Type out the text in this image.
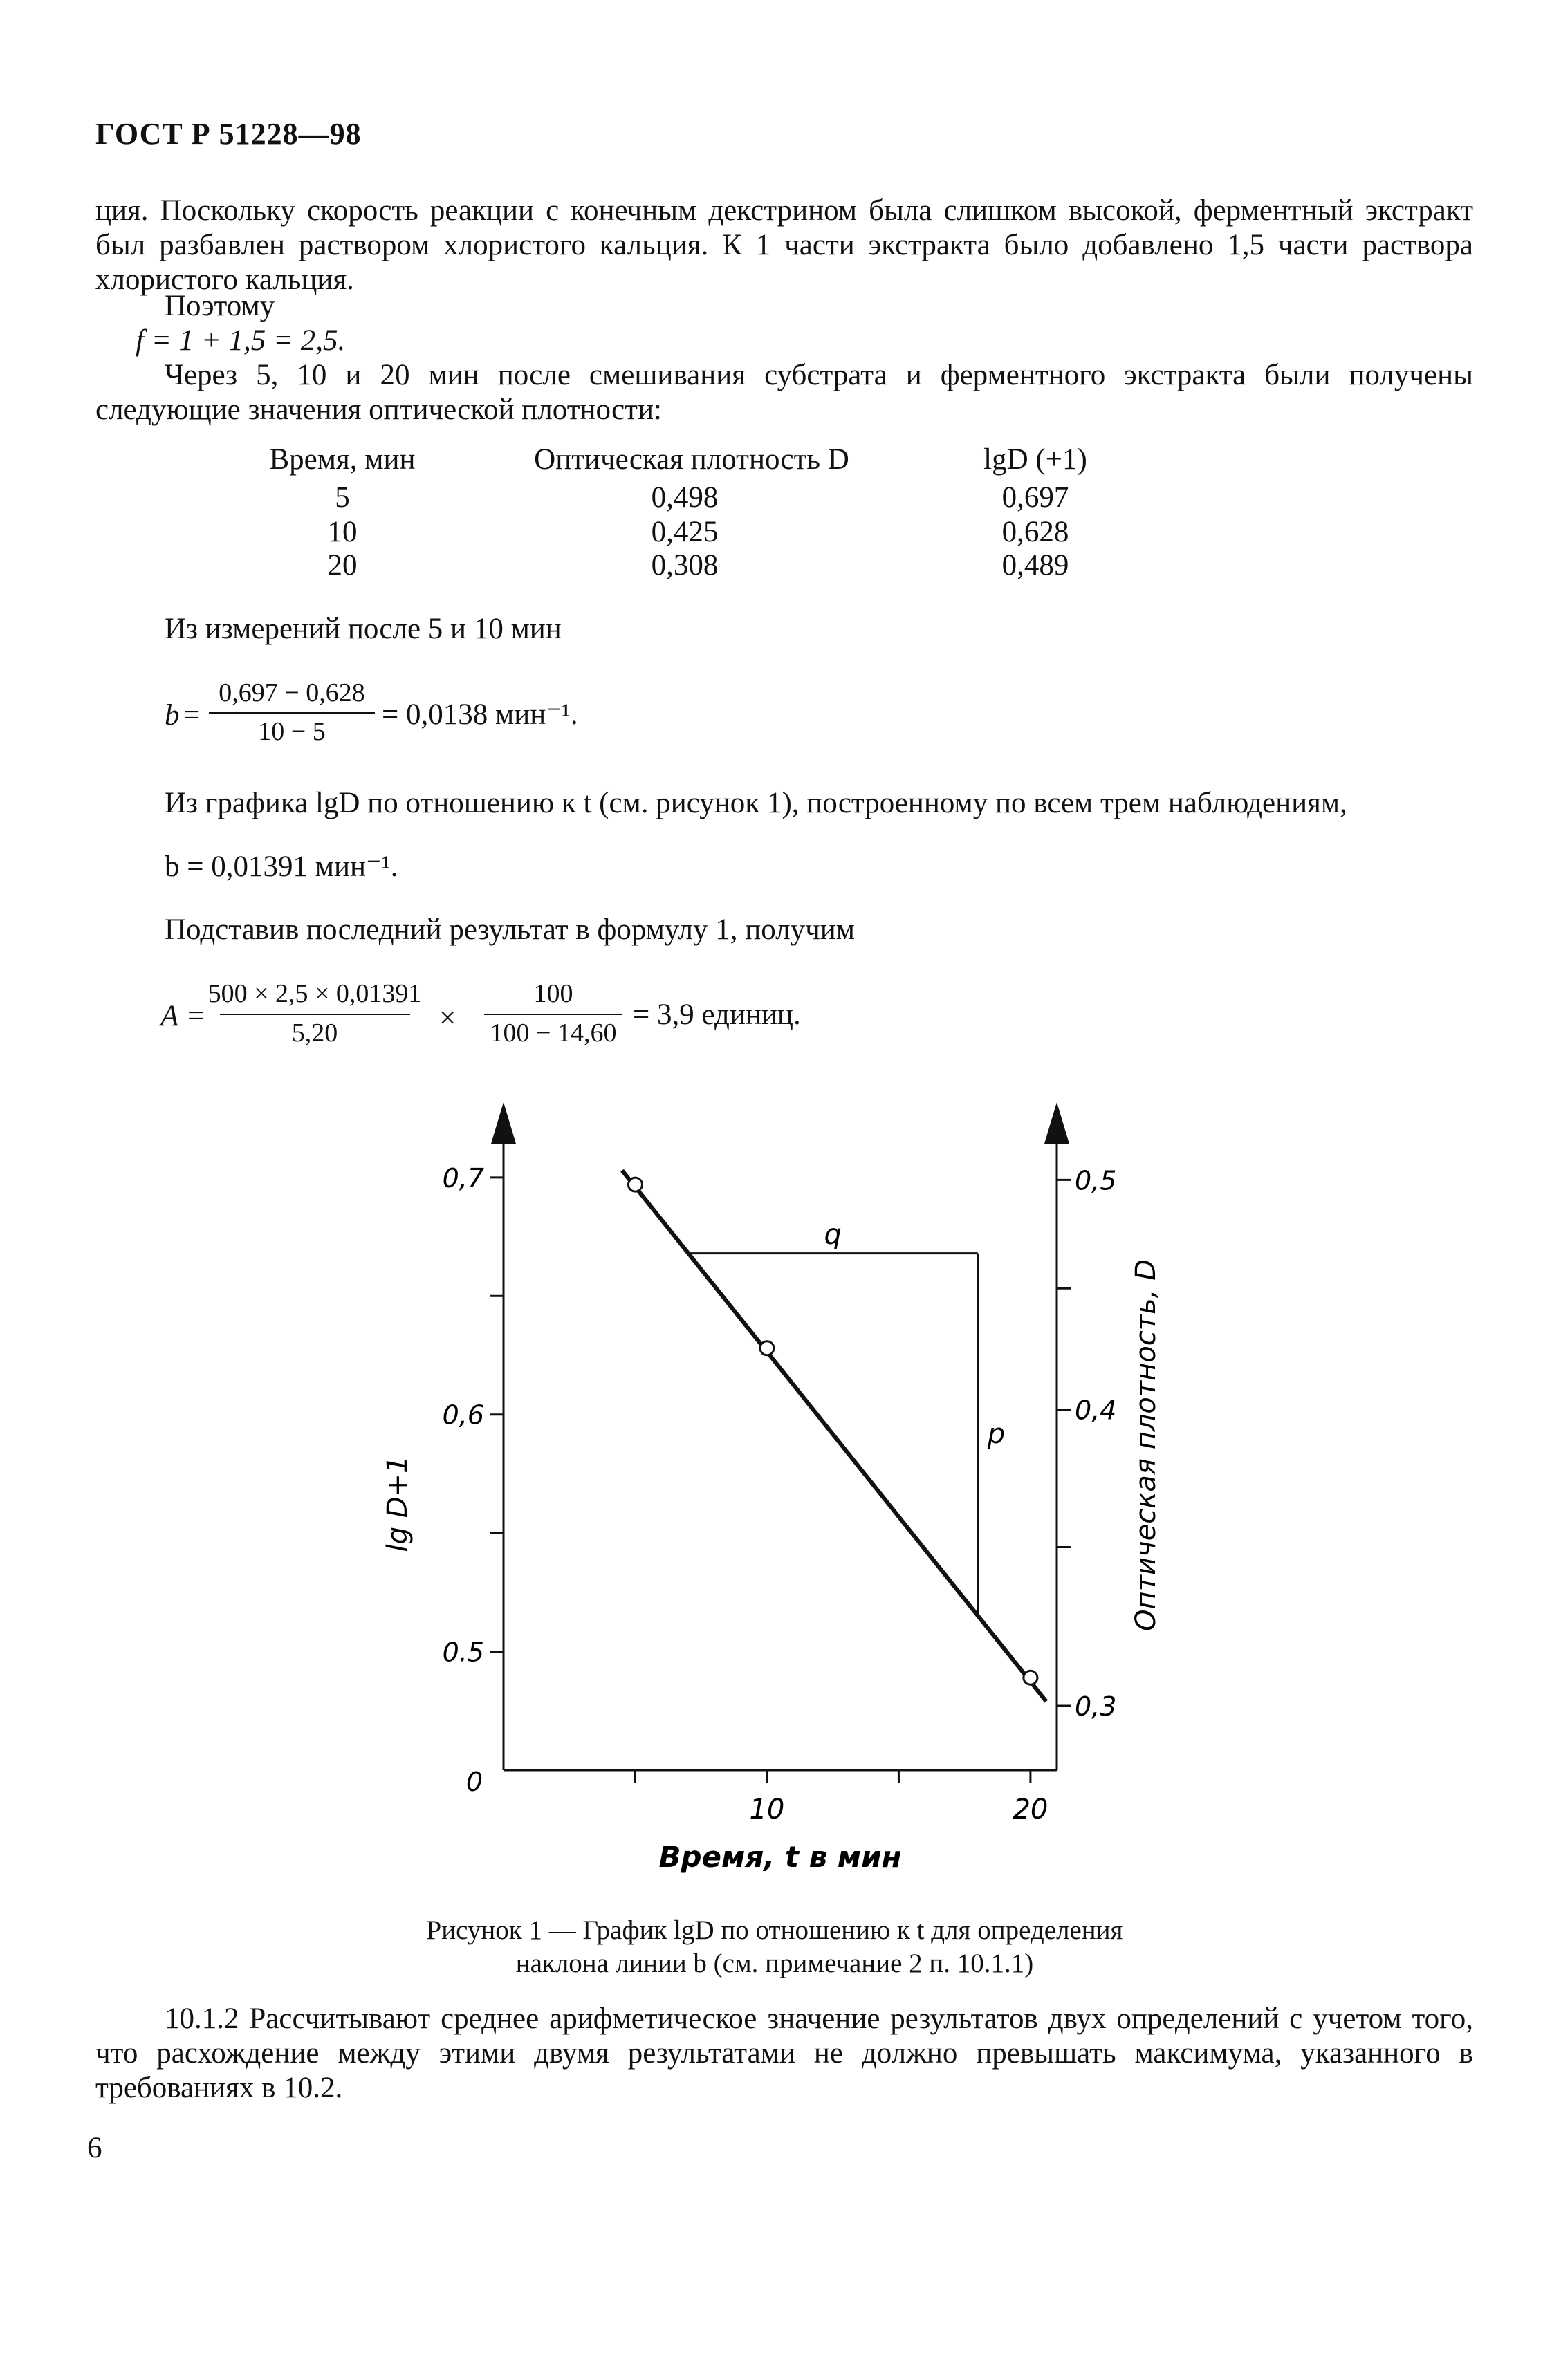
ГОСТ Р 51228—98
ция. Поскольку скорость реакции с конечным декстрином была слишком высокой, ферментный экстракт был разбавлен раствором хлористого кальция. К 1 части экстракта было добавлено 1,5 части раствора хлористого кальция.
Поэтому
f = 1 + 1,5 = 2,5.
Через 5, 10 и 20 мин после смешивания субстрата и ферментного экстракта были получены следующие значения оптической плотности:
Время, мин	Оптическая плотность D	lgD (+1)
5	0,498	0,697
10	0,425	0,628
20	0,308	0,489
Из измерений после 5 и 10 мин
b =
0,697 − 0,628
10 − 5
= 0,0138 мин⁻¹.
Из графика lgD по отношению к t (см. рисунок 1), построенному по всем трем наблюдениям,
b = 0,01391 мин⁻¹.
Подставив последний результат в формулу 1, получим
A =
500 × 2,5 × 0,01391
5,20	×
100
100 − 14,60
= 3,9 единиц.
0,7
0,6
0.5
0,5
0,4
0,3
10	20
0
Время, t в мин
lg D+1	Оптическая плотность, D
q
p
Рисунок 1 — График lgD по отношению к t для определения
наклона линии b (см. примечание 2 п. 10.1.1)
10.1.2 Рассчитывают среднее арифметическое значение результатов двух определений с учетом того, что расхождение между этими двумя результатами не должно превышать максимума, указанного в требованиях в 10.2.
6
